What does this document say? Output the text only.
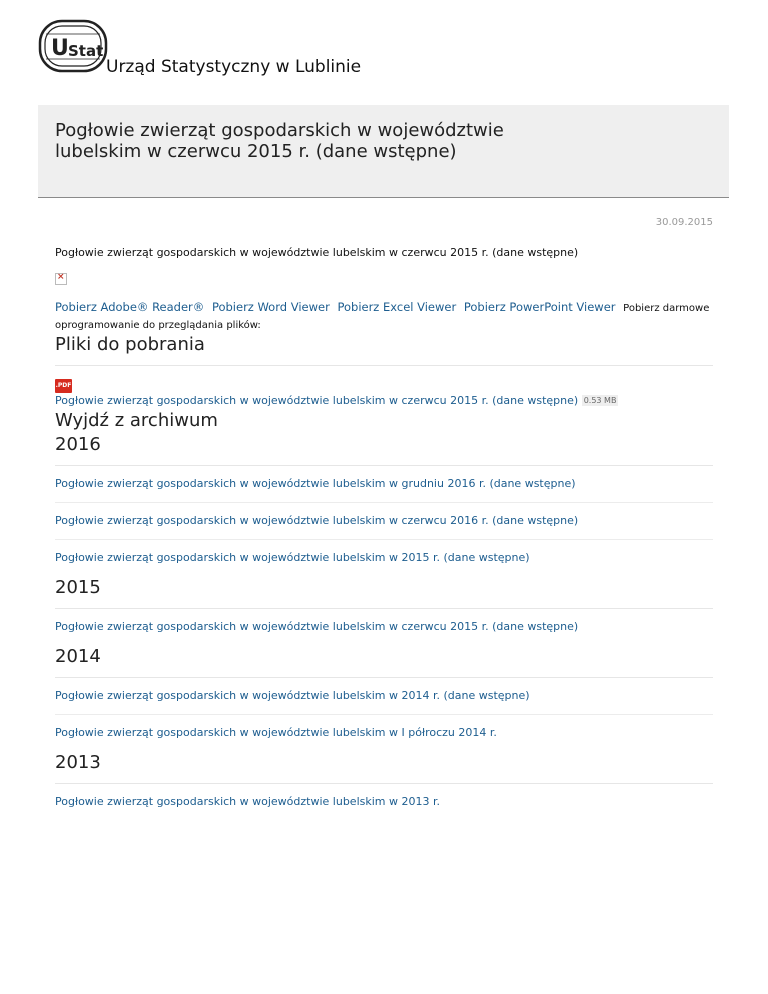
U Stat
Urząd Statystyczny w Lublinie
Pogłowie zwierząt gospodarskich w województwie lubelskim w czerwcu 2015 r. (dane wstępne)
30.09.2015
Pogłowie zwierząt gospodarskich w województwie lubelskim w czerwcu 2015 r. (dane wstępne)
×
Pobierz Adobe® Reader® Pobierz Word Viewer Pobierz Excel Viewer Pobierz PowerPoint Viewer Pobierz darmowe
oprogramowanie do przeglądania plików:
Pliki do pobrania
.PDF
Pogłowie zwierząt gospodarskich w województwie lubelskim w czerwcu 2015 r. (dane wstępne) 0.53 MB
Wyjdź z archiwum
2016
Pogłowie zwierząt gospodarskich w województwie lubelskim w grudniu 2016 r. (dane wstępne)
Pogłowie zwierząt gospodarskich w województwie lubelskim w czerwcu 2016 r. (dane wstępne)
Pogłowie zwierząt gospodarskich w województwie lubelskim w 2015 r. (dane wstępne)
2015
Pogłowie zwierząt gospodarskich w województwie lubelskim w czerwcu 2015 r. (dane wstępne)
2014
Pogłowie zwierząt gospodarskich w województwie lubelskim w 2014 r. (dane wstępne)
Pogłowie zwierząt gospodarskich w województwie lubelskim w I półroczu 2014 r.
2013
Pogłowie zwierząt gospodarskich w województwie lubelskim w 2013 r.
